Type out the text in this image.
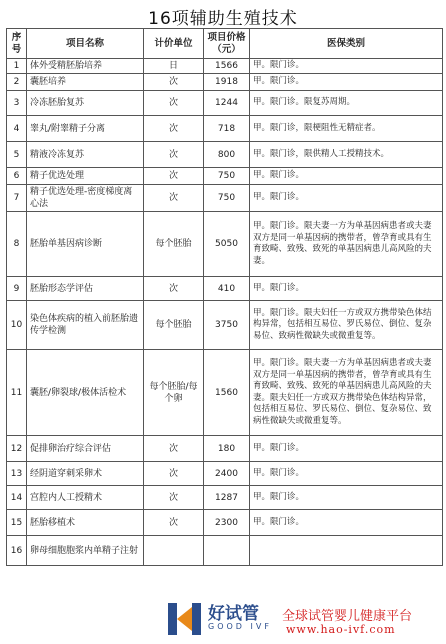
16项辅助生殖技术
序号	项目名称	计价单位	项目价格（元）	医保类别
1	体外受精胚胎培养	日	1566	甲。限门诊。
2	囊胚培养	次	1918	甲。限门诊。
3	冷冻胚胎复苏	次	1244	甲。限门诊。限复苏周期。
4	睾丸/附睾精子分离	次	718	甲。限门诊，限梗阻性无精症者。
5	精液冷冻复苏	次	800	甲。限门诊，限供精人工授精技术。
6	精子优选处理	次	750	甲。限门诊。
7	精子优选处理-密度梯度离心法	次	750	甲。限门诊。
8	胚胎单基因病诊断	每个胚胎	5050	甲。限门诊。限夫妻一方为单基因病患者或夫妻双方是同一单基因病的携带者，曾孕育或具有生育致畸、致残、致死的单基因病患儿高风险的夫妻。
9	胚胎形态学评估	次	410	甲。限门诊。
10	染色体疾病的植入前胚胎遗传学检测	每个胚胎	3750	甲。限门诊。限夫妇任一方或双方携带染色体结构异常，包括相互易位、罗氏易位、倒位、复杂易位、致病性微缺失或微重复等。
11	囊胚/卵裂球/极体活检术	每个胚胎/每个卵	1560	甲。限门诊。限夫妻一方为单基因病患者或夫妻双方是同一单基因病的携带者，曾孕育或具有生育致畸、致残、致死的单基因病患儿高风险的夫妻。限夫妇任一方或双方携带染色体结构异常，包括相互易位、罗氏易位、倒位、复杂易位、致病性微缺失或微重复等。
12	促排卵治疗综合评估	次	180	甲。限门诊。
13	经阴道穿刺采卵术	次	2400	甲。限门诊。
14	宫腔内人工授精术	次	1287	甲。限门诊。
15	胚胎移植术	次	2300	甲。限门诊。
16	卵母细胞胞浆内单精子注射			
好试管
GOOD IVF
全球试管婴儿健康平台
www.hao-ivf.com
